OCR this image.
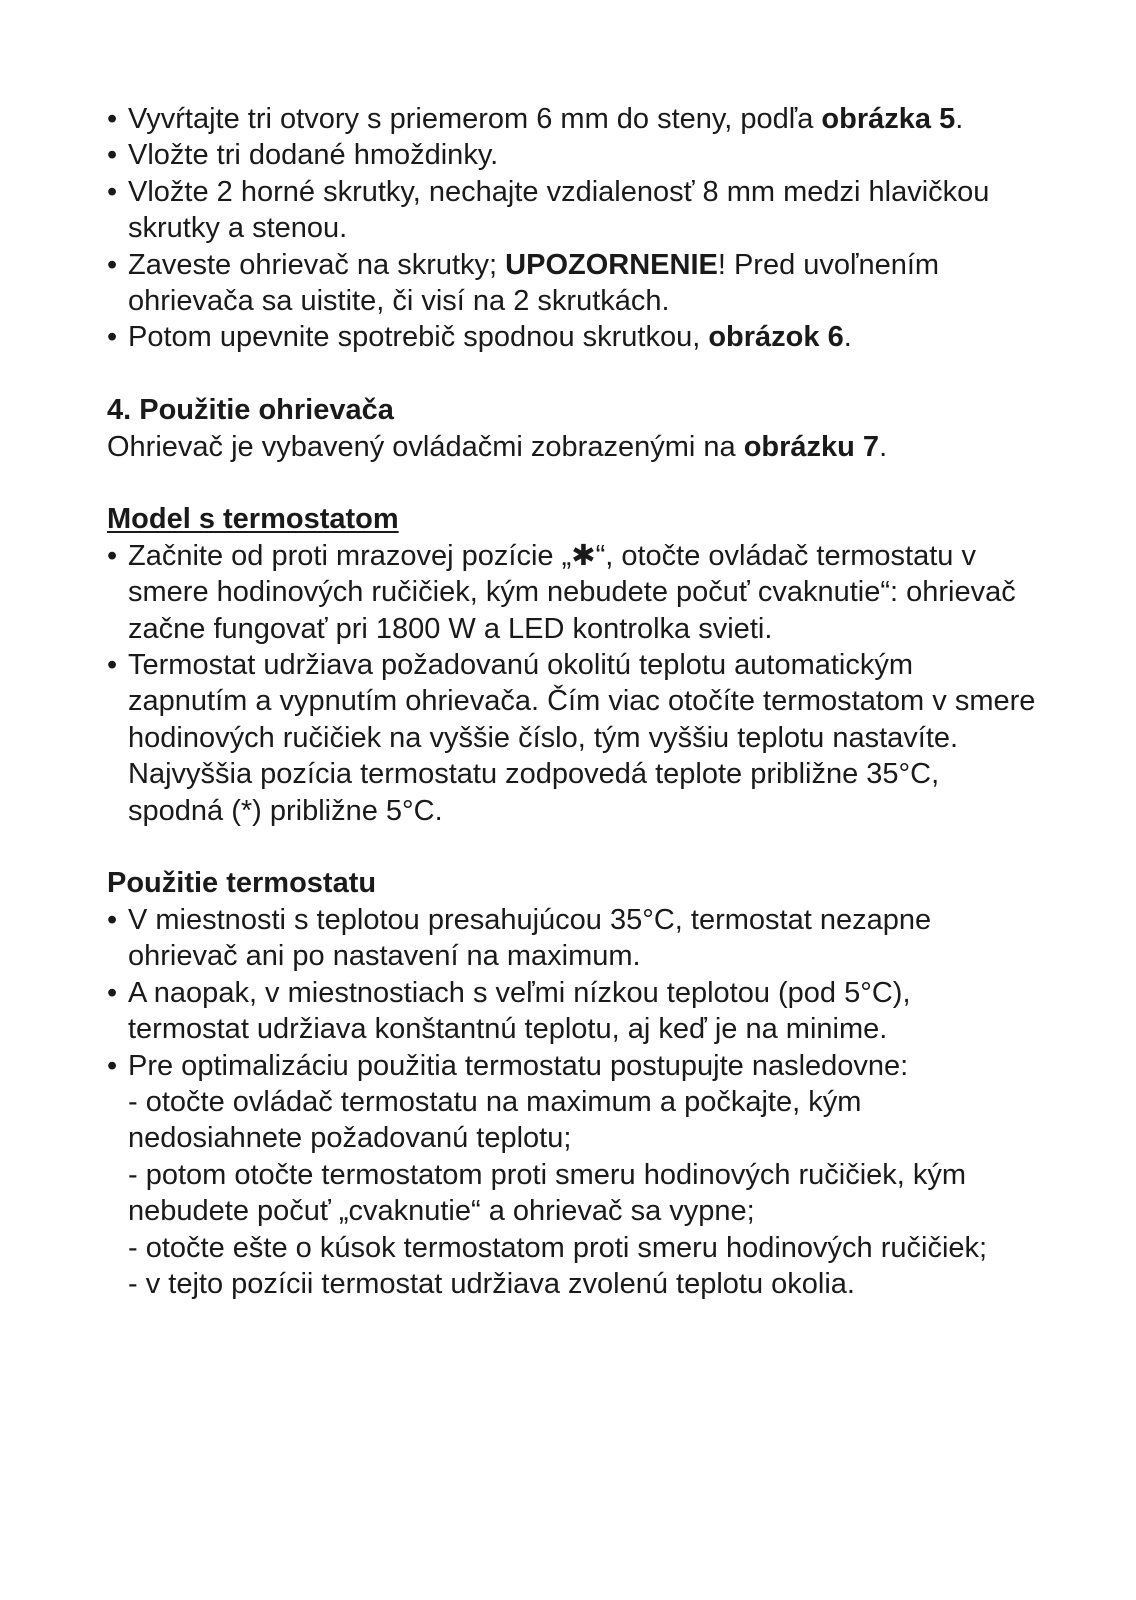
• Vyvŕtajte tri otvory s priemerom 6 mm do steny, podľa obrázka 5.
• Vložte tri dodané hmoždinky.
• Vložte 2 horné skrutky, nechajte vzdialenosť 8 mm medzi hlavičkou skrutky a stenou.
• Zaveste ohrievač na skrutky; UPOZORNENIE! Pred uvoľnením ohrievača sa uistite, či visí na 2 skrutkách.
• Potom upevnite spotrebič spodnou skrutkou, obrázok 6.
4. Použitie ohrievača
Ohrievač je vybavený ovládačmi zobrazenými na obrázku 7.
Model s termostatom
• Začnite od proti mrazovej pozície „✱“, otočte ovládač termostatu v smere hodinových ručičiek, kým nebudete počuť cvaknutie“: ohrievač začne fungovať pri 1800 W a LED kontrolka svieti.
• Termostat udržiava požadovanú okolitú teplotu automatickým zapnutím a vypnutím ohrievača. Čím viac otočíte termostatom v smere hodinových ručičiek na vyššie číslo, tým vyššiu teplotu nastavíte. Najvyššia pozícia termostatu zodpovedá teplote približne 35°C, spodná (*) približne 5°C.
Použitie termostatu
• V miestnosti s teplotou presahujúcou 35°C, termostat nezapne ohrievač ani po nastavení na maximum.
• A naopak, v miestnostiach s veľmi nízkou teplotou (pod 5°C), termostat udržiava konštantnú teplotu, aj keď je na minime.
• Pre optimalizáciu použitia termostatu postupujte nasledovne:
- otočte ovládač termostatu na maximum a počkajte, kým nedosiahnete požadovanú teplotu;
- potom otočte termostatom proti smeru hodinových ručičiek, kým nebudete počuť „cvaknutie“ a ohrievač sa vypne;
- otočte ešte o kúsok termostatom proti smeru hodinových ručičiek;
- v tejto pozícii termostat udržiava zvolenú teplotu okolia.
